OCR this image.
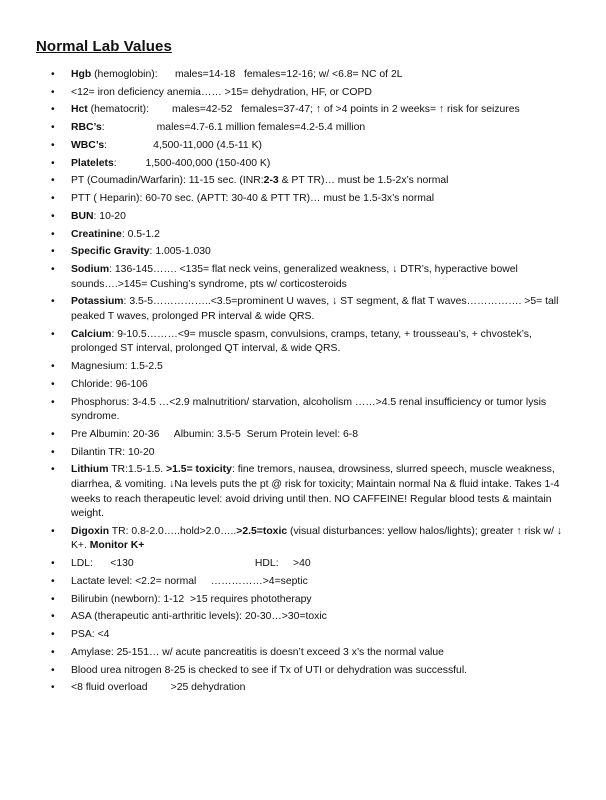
Normal Lab Values
• Hgb (hemoglobin):      males=14-18   females=12-16; w/ <6.8= NC of 2L
• <12= iron deficiency anemia…… >15= dehydration, HF, or COPD
• Hct (hematocrit):        males=42-52   females=37-47; ↑ of >4 points in 2 weeks= ↑ risk for seizures
• RBC’s:                  males=4.7-6.1 million females=4.2-5.4 million
• WBC’s:                4,500-11,000 (4.5-11 K)
• Platelets:          1,500-400,000 (150-400 K)
• PT (Coumadin/Warfarin): 11-15 sec. (INR:2-3 & PT TR)… must be 1.5-2x’s normal
• PTT ( Heparin): 60-70 sec. (APTT: 30-40 & PTT TR)… must be 1.5-3x’s normal
• BUN: 10-20
• Creatinine: 0.5-1.2
• Specific Gravity: 1.005-1.030
• Sodium: 136-145……. <135= flat neck veins, generalized weakness, ↓ DTR’s, hyperactive bowel sounds….>145= Cushing’s syndrome, pts w/ corticosteroids
• Potassium: 3.5-5……………..<3.5=prominent U waves, ↓ ST segment, & flat T waves……………. >5= tall peaked T waves, prolonged PR interval & wide QRS.
• Calcium: 9-10.5………<9= muscle spasm, convulsions, cramps, tetany, + trousseau’s, + chvostek’s, prolonged ST interval, prolonged QT interval, & wide QRS.
• Magnesium: 1.5-2.5
• Chloride: 96-106
• Phosphorus: 3-4.5 …<2.9 malnutrition/ starvation, alcoholism ……>4.5 renal insufficiency or tumor lysis syndrome.
• Pre Albumin: 20-36     Albumin: 3.5-5  Serum Protein level: 6-8
• Dilantin TR: 10-20
• Lithium TR:1.5-1.5. >1.5= toxicity: fine tremors, nausea, drowsiness, slurred speech, muscle weakness, diarrhea, & vomiting. ↓Na levels puts the pt @ risk for toxicity; Maintain normal Na & fluid intake. Takes 1-4 weeks to reach therapeutic level: avoid driving until then. NO CAFFEINE! Regular blood tests & maintain weight.
• Digoxin TR: 0.8-2.0…..hold>2.0…..>2.5=toxic (visual disturbances: yellow halos/lights); greater ↑ risk w/ ↓ K+. Monitor K+
• LDL:      <130                                          HDL:     >40
• Lactate level: <2.2= normal     ……………>4=septic
• Bilirubin (newborn): 1-12  >15 requires phototherapy
• ASA (therapeutic anti-arthritic levels): 20-30…>30=toxic
• PSA: <4
• Amylase: 25-151… w/ acute pancreatitis is doesn’t exceed 3 x’s the normal value
• Blood urea nitrogen 8-25 is checked to see if Tx of UTI or dehydration was successful.
• <8 fluid overload        >25 dehydration
